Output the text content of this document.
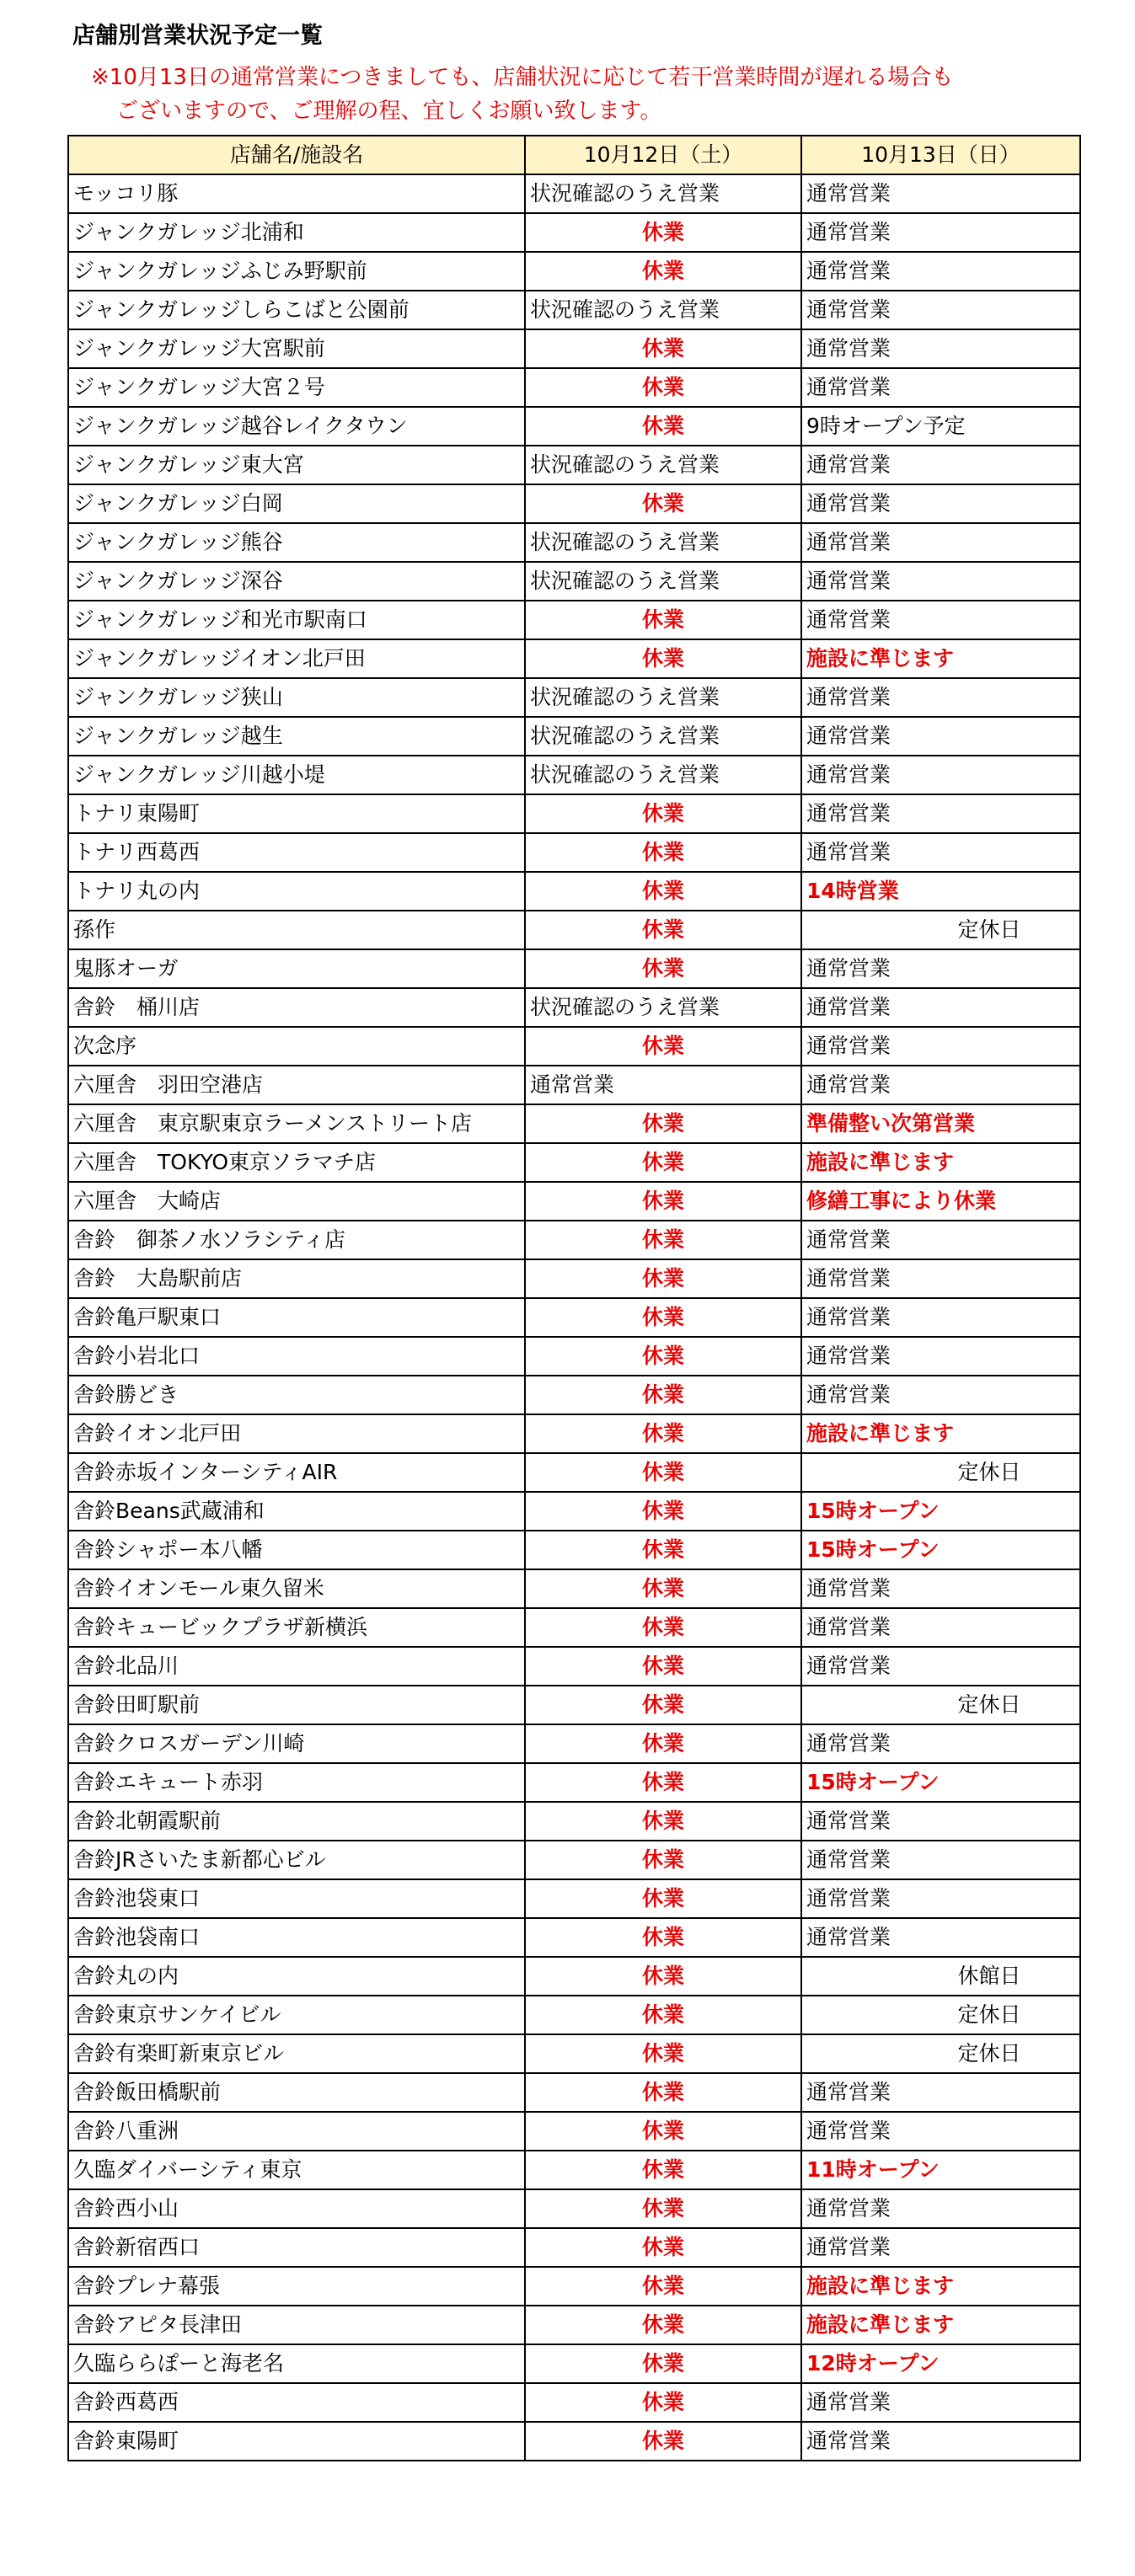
店舗別営業状況予定一覧
※10月13日の通常営業につきましても、店舗状況に応じて若干営業時間が遅れる場合も
ございますので、ご理解の程、宜しくお願い致します。
店舗名/施設名	10月12日（土）	10月13日（日）
モッコリ豚	状況確認のうえ営業	通常営業
ジャンクガレッジ北浦和	休業	通常営業
ジャンクガレッジふじみ野駅前	休業	通常営業
ジャンクガレッジしらこばと公園前	状況確認のうえ営業	通常営業
ジャンクガレッジ大宮駅前	休業	通常営業
ジャンクガレッジ大宮２号	休業	通常営業
ジャンクガレッジ越谷レイクタウン	休業	9時オープン予定
ジャンクガレッジ東大宮	状況確認のうえ営業	通常営業
ジャンクガレッジ白岡	休業	通常営業
ジャンクガレッジ熊谷	状況確認のうえ営業	通常営業
ジャンクガレッジ深谷	状況確認のうえ営業	通常営業
ジャンクガレッジ和光市駅南口	休業	通常営業
ジャンクガレッジイオン北戸田	休業	施設に準じます
ジャンクガレッジ狭山	状況確認のうえ営業	通常営業
ジャンクガレッジ越生	状況確認のうえ営業	通常営業
ジャンクガレッジ川越小堤	状況確認のうえ営業	通常営業
トナリ東陽町	休業	通常営業
トナリ西葛西	休業	通常営業
トナリ丸の内	休業	14時営業
孫作	休業	定休日
鬼豚オーガ	休業	通常営業
舎鈴　桶川店	状況確認のうえ営業	通常営業
次念序	休業	通常営業
六厘舎　羽田空港店	通常営業	通常営業
六厘舎　東京駅東京ラーメンストリート店	休業	準備整い次第営業
六厘舎　TOKYO東京ソラマチ店	休業	施設に準じます
六厘舎　大崎店	休業	修繕工事により休業
舎鈴　御茶ノ水ソラシティ店	休業	通常営業
舎鈴　大島駅前店	休業	通常営業
舎鈴亀戸駅東口	休業	通常営業
舎鈴小岩北口	休業	通常営業
舎鈴勝どき	休業	通常営業
舎鈴イオン北戸田	休業	施設に準じます
舎鈴赤坂インターシティAIR	休業	定休日
舎鈴Beans武蔵浦和	休業	15時オープン
舎鈴シャポー本八幡	休業	15時オープン
舎鈴イオンモール東久留米	休業	通常営業
舎鈴キュービックプラザ新横浜	休業	通常営業
舎鈴北品川	休業	通常営業
舎鈴田町駅前	休業	定休日
舎鈴クロスガーデン川崎	休業	通常営業
舎鈴エキュート赤羽	休業	15時オープン
舎鈴北朝霞駅前	休業	通常営業
舎鈴JRさいたま新都心ビル	休業	通常営業
舎鈴池袋東口	休業	通常営業
舎鈴池袋南口	休業	通常営業
舎鈴丸の内	休業	休館日
舎鈴東京サンケイビル	休業	定休日
舎鈴有楽町新東京ビル	休業	定休日
舎鈴飯田橋駅前	休業	通常営業
舎鈴八重洲	休業	通常営業
久臨ダイバーシティ東京	休業	11時オープン
舎鈴西小山	休業	通常営業
舎鈴新宿西口	休業	通常営業
舎鈴プレナ幕張	休業	施設に準じます
舎鈴アピタ長津田	休業	施設に準じます
久臨ららぽーと海老名	休業	12時オープン
舎鈴西葛西	休業	通常営業
舎鈴東陽町	休業	通常営業
